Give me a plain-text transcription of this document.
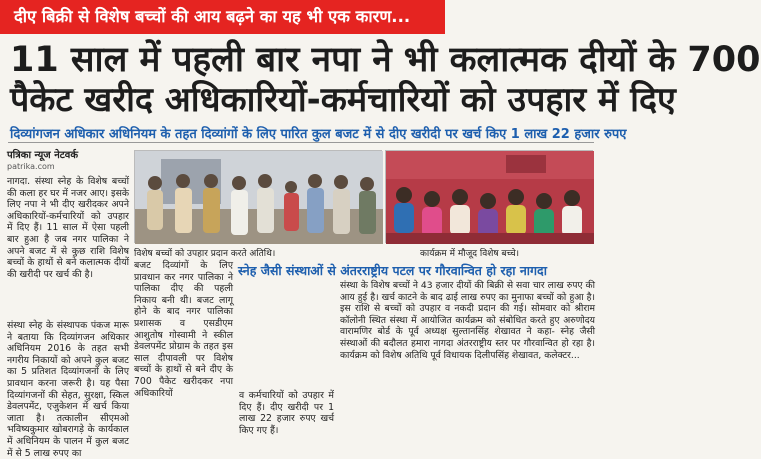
दीए बिक्री से विशेष बच्चों की आय बढ़ने का यह भी एक कारण...
11 साल में पहली बार नपा ने भी कलात्मक दीयों के 700
पैकेट खरीद अधिकारियों-कर्मचारियों को उपहार में दिए
दिव्यांगजन अधिकार अधिनियम के तहत दिव्यांगों के लिए पारित कुल बजट में से दीए खरीदी पर खर्च किए 1 लाख 22 हजार रुपए
पत्रिका न्यूज नेटवर्क
patrika.com
नागदा. संस्था स्नेह के विशेष बच्चों की कला हर घर में नजर आए। इसके लिए नपा ने भी दीए खरीदकर अपने अधिकारियों-कर्मचारियों को उपहार में दिए हैं। 11 साल में ऐसा पहली बार हुआ है जब नगर पालिका ने अपने बजट में से कुछ राशि विशेष बच्चों के हाथों से बने कलात्मक दीयों की खरीदी पर खर्च की है।
संस्था स्नेह के संस्थापक पंकज मारू ने बताया कि दिव्यांगजन अधिकार अधिनियम 2016 के तहत सभी नगरीय निकायों को अपने कुल बजट का 5 प्रतिशत दिव्यांगजनों के लिए प्रावधान करना जरूरी है। यह पैसा दिव्यांगजनों की सेहत, सुरक्षा, स्किल डेवलपमेंट, एजुकेशन में खर्च किया जाता है। तत्कालीन सीएमओ भविष्यकुमार खोबरागड़े के कार्यकाल में अधिनियम के पालन में कुल बजट में से 5 लाख रुपए का
विशेष बच्चों को उपहार प्रदान करते अतिथि।	कार्यक्रम में मौजूद विशेष बच्चे।
बजट दिव्यांगों के लिए प्रावधान कर नगर पालिका ने पालिका दीए की पहली निकाय बनी थी। बजट लागू होने के बाद नगर पालिका प्रशासक व एसडीएम आशुतोष गोस्वामी ने स्कील डेवलपमेंट प्रोग्राम के तहत इस साल दीपावली पर विशेष बच्चों के हाथों से बने दीए के 700 पैकेट खरीदकर नपा अधिकारियों	व कर्मचारियों को उपहार में दिए हैं। दीए खरीदी पर 1 लाख 22 हजार रुपए खर्च किए गए हैं।
स्नेह जैसी संस्थाओं से अंतरराष्ट्रीय पटल पर गौरवान्वित हो रहा नागदा
संस्था के विशेष बच्चों ने 43 हजार दीयों की बिक्री से सवा चार लाख रुपए की आय हुई है। खर्च काटने के बाद ढाई लाख रुपए का मुनाफा बच्चों को हुआ है। इस राशि से बच्चों को उपहार व नकदी प्रदान की गई। सोमवार को श्रीराम कॉलोनी स्थित संस्था में आयोजित कार्यक्रम को संबोधित करते हुए अरुणोदय वारामणिर बोर्ड के पूर्व अध्यक्ष सुल्तानसिंह शेखावत ने कहा- स्नेह जैसी संस्थाओं की बदौलत हमारा नागदा अंतरराष्ट्रीय स्तर पर गौरवान्वित हो रहा है। कार्यक्रम को विशेष अतिथि पूर्व विधायक दिलीपसिंह शेखावत, कलेक्टर...
